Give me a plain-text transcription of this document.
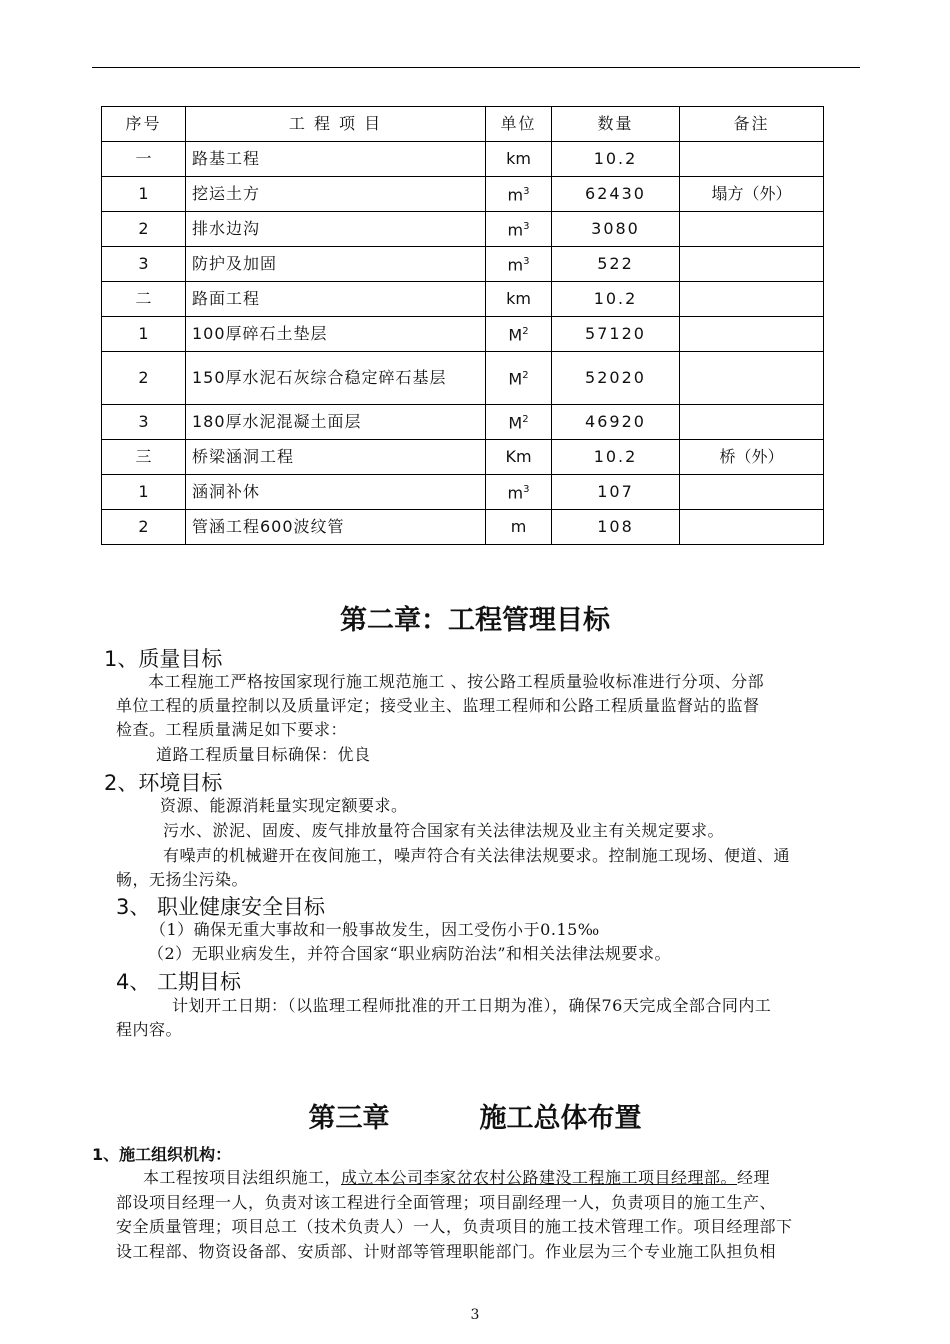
序号	工 程 项 目	单位	数量	备注
一	路基工程	km	10.2	
1	挖运土方	$m^3$	62430	塌方（外）
2	排水边沟	$m^3$	3080	
3	防护及加固	$m^3$	522	
二	路面工程	km	10.2	
1	100厚碎石土垫层	$M^2$	57120	
2	150厚水泥石灰综合稳定碎石基层	$M^2$	52020	
3	180厚水泥混凝土面层	$M^2$	46920	
三	桥梁涵洞工程	Km	10.2	桥（外）
1	涵洞补休	$m^3$	107	
2	管涵工程600波纹管	m	108	
第二章：工程管理目标
1、质量目标
本工程施工严格按国家现行施工规范施工 、按公路工程质量验收标准进行分项、分部
单位工程的质量控制以及质量评定；接受业主、监理工程师和公路工程质量监督站的监督
检查。工程质量满足如下要求：
道路工程质量目标确保：优良
2、环境目标
资源、能源消耗量实现定额要求。
污水、淤泥、固废、废气排放量符合国家有关法律法规及业主有关规定要求。
有噪声的机械避开在夜间施工，噪声符合有关法律法规要求。控制施工现场、便道、通
畅，无扬尘污染。
3、 职业健康安全目标
（1）确保无重大事故和一般事故发生，因工受伤小于0.15‰
（2）无职业病发生，并符合国家“职业病防治法”和相关法律法规要求。
4、 工期目标
计划开工日期：（以监理工程师批准的开工日期为准），确保76天完成全部合同内工
程内容。
第三章	施工总体布置
1、施工组织机构：
本工程按项目法组织施工，成立本公司李家岔农村公路建没工程施工项目经理部。经理
部设项目经理一人，负责对该工程进行全面管理；项目副经理一人，负责项目的施工生产、
安全质量管理；项目总工（技术负责人）一人，负责项目的施工技术管理工作。项目经理部下
设工程部、物资设备部、安质部、计财部等管理职能部门。作业层为三个专业施工队担负相
3
